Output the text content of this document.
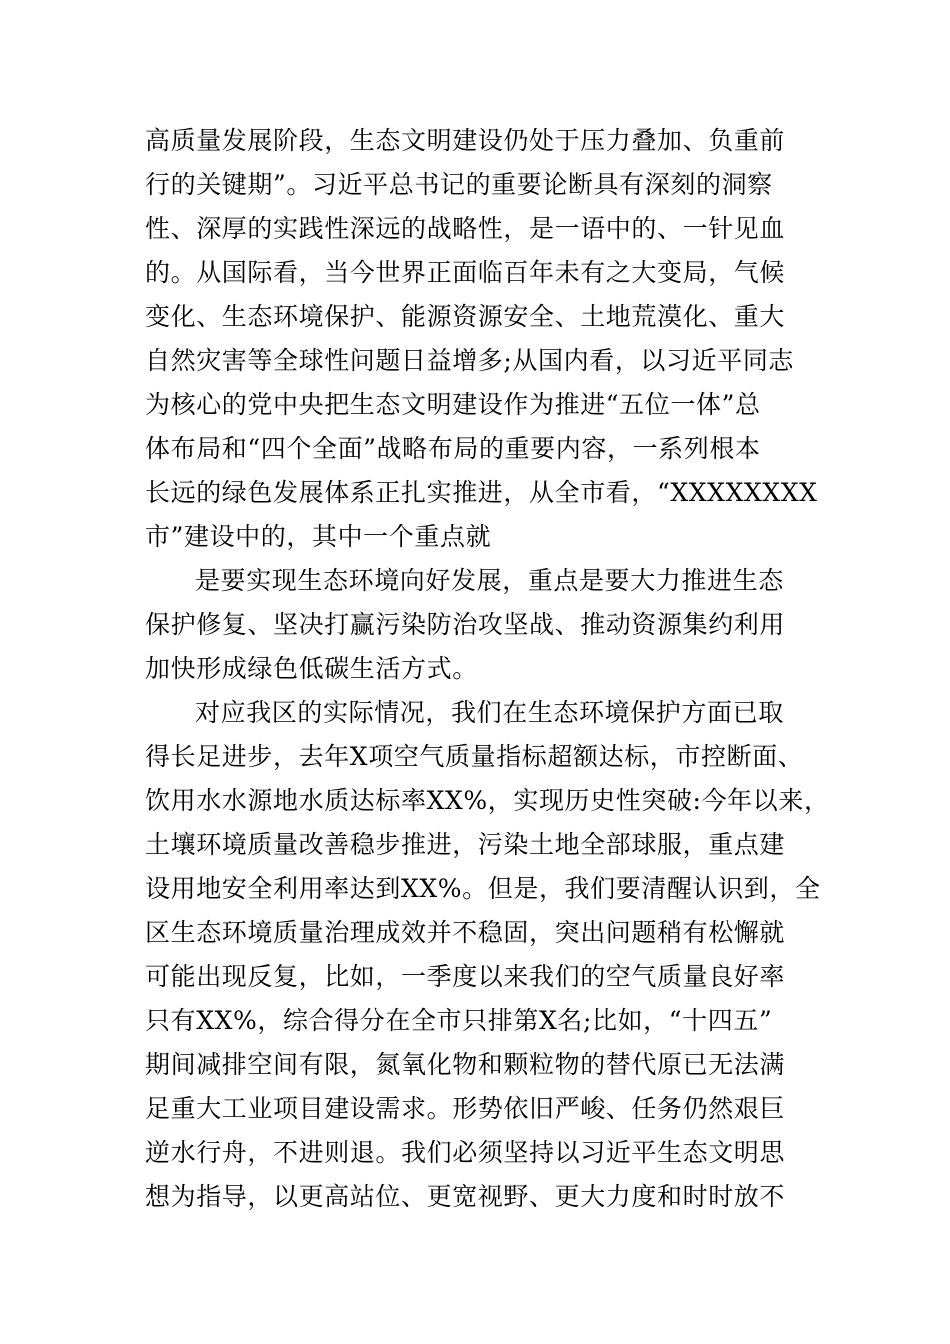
高质量发展阶段，生态文明建设仍处于压力叠加、负重前
行的关键期”。习近平总书记的重要论断具有深刻的洞察
性、深厚的实践性深远的战略性，是一语中的、一针见血
的。从国际看，当今世界正面临百年未有之大变局，气候
变化、生态环境保护、能源资源安全、土地荒漠化、重大
自然灾害等全球性问题日益增多;从国内看，以习近平同志
为核心的党中央把生态文明建设作为推进“五位一体”总
体布局和“四个全面”战略布局的重要内容，一系列根本
长远的绿色发展体系正扎实推进，从全市看，“XXXXXXXX
市”建设中的，其中一个重点就
是要实现生态环境向好发展，重点是要大力推进生态
保护修复、坚决打赢污染防治攻坚战、推动资源集约利用
加快形成绿色低碳生活方式。
对应我区的实际情况，我们在生态环境保护方面已取
得长足进步，去年X项空气质量指标超额达标，市控断面、
饮用水水源地水质达标率XX%，实现历史性突破:今年以来，
土壤环境质量改善稳步推进，污染土地全部球服，重点建
设用地安全利用率达到XX%。但是，我们要清醒认识到，全
区生态环境质量治理成效并不稳固，突出问题稍有松懈就
可能出现反复，比如，一季度以来我们的空气质量良好率
只有XX%，综合得分在全市只排第X名;比如，“十四五”
期间减排空间有限，氮氧化物和颗粒物的替代原已无法满
足重大工业项目建设需求。形势依旧严峻、任务仍然艰巨
逆水行舟，不进则退。我们必须坚持以习近平生态文明思
想为指导，以更高站位、更宽视野、更大力度和时时放不
